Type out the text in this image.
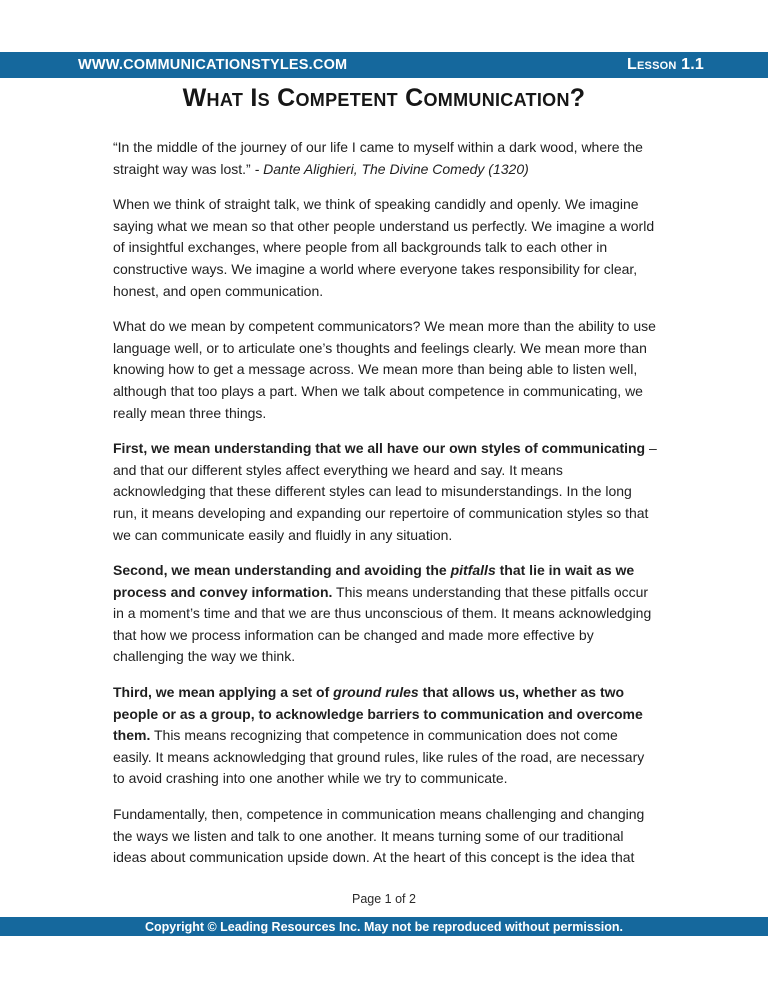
WWW.COMMUNICATIONSTYLES.COM	Lesson 1.1
What Is Competent Communication?

“In the middle of the journey of our life I came to myself within a dark wood, where the straight way was lost.” - Dante Alighieri, The Divine Comedy (1320)

When we think of straight talk, we think of speaking candidly and openly. We imagine saying what we mean so that other people understand us perfectly. We imagine a world of insightful exchanges, where people from all backgrounds talk to each other in constructive ways. We imagine a world where everyone takes responsibility for clear, honest, and open communication.

What do we mean by competent communicators? We mean more than the ability to use language well, or to articulate one’s thoughts and feelings clearly. We mean more than knowing how to get a message across. We mean more than being able to listen well, although that too plays a part. When we talk about competence in communicating, we really mean three things.

First, we mean understanding that we all have our own styles of communicating – and that our different styles affect everything we heard and say. It means acknowledging that these different styles can lead to misunderstandings. In the long run, it means developing and expanding our repertoire of communication styles so that we can communicate easily and fluidly in any situation.

Second, we mean understanding and avoiding the pitfalls that lie in wait as we process and convey information. This means understanding that these pitfalls occur in a moment’s time and that we are thus unconscious of them. It means acknowledging that how we process information can be changed and made more effective by challenging the way we think.

Third, we mean applying a set of ground rules that allows us, whether as two people or as a group, to acknowledge barriers to communication and overcome them. This means recognizing that competence in communication does not come easily. It means acknowledging that ground rules, like rules of the road, are necessary to avoid crashing into one another while we try to communicate.

Fundamentally, then, competence in communication means challenging and changing the ways we listen and talk to one another. It means turning some of our traditional ideas about communication upside down. At the heart of this concept is the idea that

Page 1 of 2
Copyright © Leading Resources Inc. May not be reproduced without permission.
